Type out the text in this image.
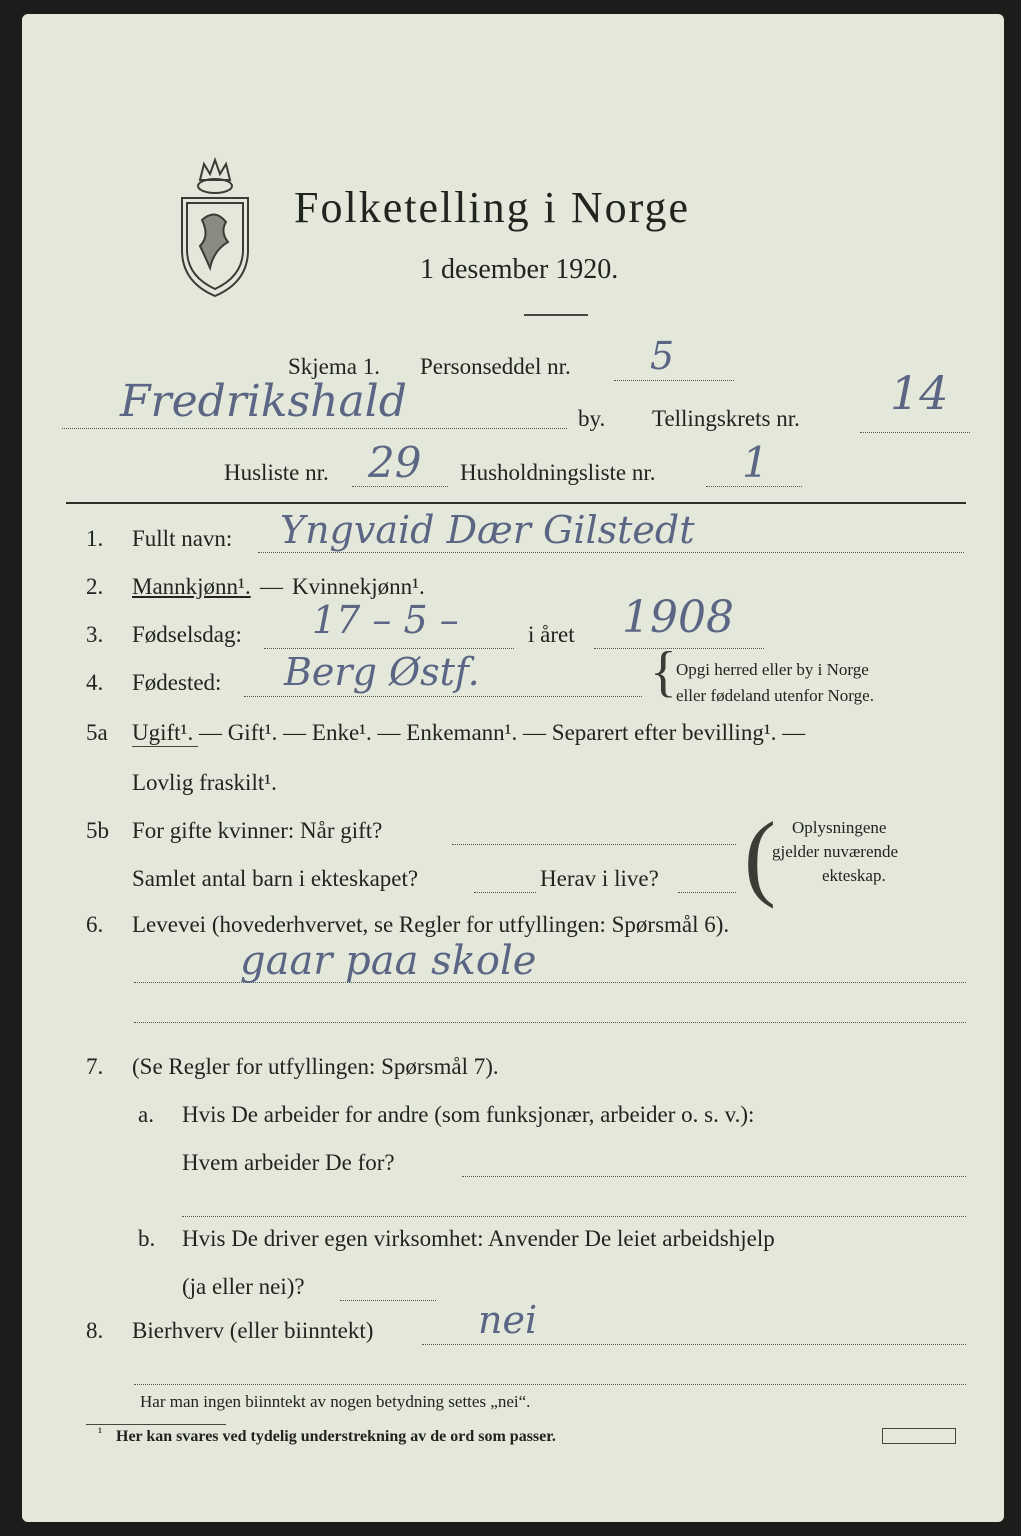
Folketelling i Norge
1 desember 1920.
Skjema 1. Personseddel nr. 5
Fredrikshald	by. Tellingskrets nr. 14
Husliste nr. 29 Husholdningsliste nr. 1
1. Fullt navn: Yngvaid Dær Gilstedt
2. Mannkjønn¹. — Kvinnekjønn¹.
3. Fødselsdag: 17 – 5 –	i året 1908
4. Fødested: Berg Østf.	{ Opgi herred eller by i Norge
eller fødeland utenfor Norge.
5a Ugift¹. — Gift¹. — Enke¹. — Enkemann¹. — Separert efter bevilling¹. —
Lovlig fraskilt¹.
5b For gifte kvinner: Når gift?
Samlet antal barn i ekteskapet?	Herav i live? ( Oplysningene
gjelder nuværende
ekteskap.
6. Levevei (hovederhvervet, se Regler for utfyllingen: Spørsmål 6).
gaar paa skole
7. (Se Regler for utfyllingen: Spørsmål 7).
a. Hvis De arbeider for andre (som funksjonær, arbeider o. s. v.):
Hvem arbeider De for?
b. Hvis De driver egen virksomhet: Anvender De leiet arbeidshjelp
(ja eller nei)?
8. Bierhverv (eller biinntekt)	nei
Har man ingen biinntekt av nogen betydning settes „nei“.
¹ Her kan svares ved tydelig understrekning av de ord som passer.
